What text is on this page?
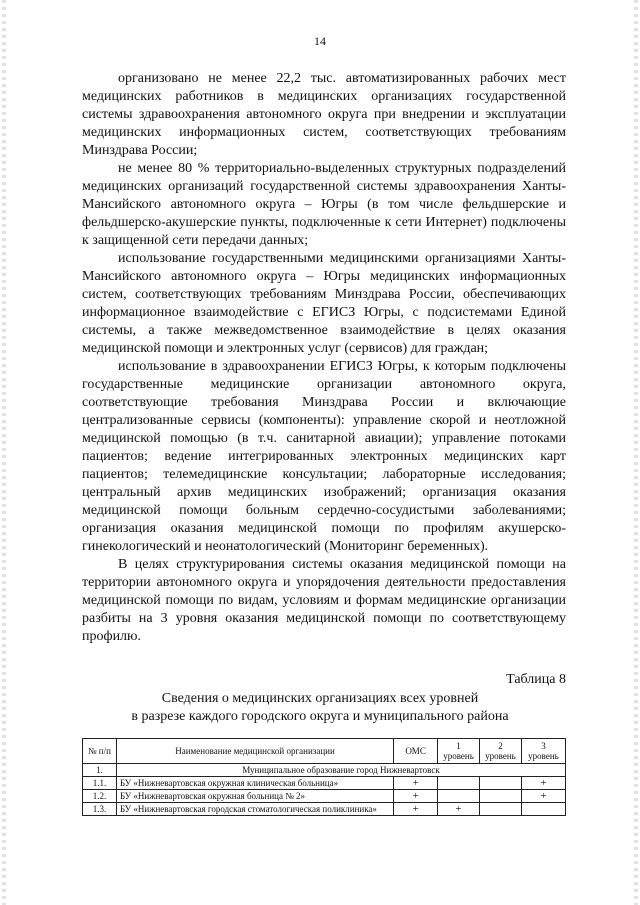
14

организовано не менее 22,2 тыс. автоматизированных рабочих мест медицинских работников в медицинских организациях государственной системы здравоохранения автономного округа при внедрении и эксплуатации медицинских информационных систем, соответствующих требованиям Минздрава России;

не менее 80 % территориально-выделенных структурных подразделений медицинских организаций государственной системы здравоохранения Ханты-Мансийского автономного округа – Югры (в том числе фельдшерские и фельдшерско-акушерские пункты, подключенные к сети Интернет) подключены к защищенной сети передачи данных;

использование государственными медицинскими организациями Ханты-Мансийского автономного округа – Югры медицинских информационных систем, соответствующих требованиям Минздрава России, обеспечивающих информационное взаимодействие с ЕГИСЗ Югры, с подсистемами Единой системы, а также межведомственное взаимодействие в целях оказания медицинской помощи и электронных услуг (сервисов) для граждан;

использование в здравоохранении ЕГИСЗ Югры, к которым подключены государственные медицинские организации автономного округа, соответствующие требования Минздрава России и включающие централизованные сервисы (компоненты): управление скорой и неотложной медицинской помощью (в т.ч. санитарной авиации); управление потоками пациентов; ведение интегрированных электронных медицинских карт пациентов; телемедицинские консультации; лабораторные исследования; центральный архив медицинских изображений; организация оказания медицинской помощи больным сердечно-сосудистыми заболеваниями; организация оказания медицинской помощи по профилям акушерско-гинекологический и неонатологический (Мониторинг беременных).

В целях структурирования системы оказания медицинской помощи на территории автономного округа и упорядочения деятельности предоставления медицинской помощи по видам, условиям и формам медицинские организации разбиты на 3 уровня оказания медицинской помощи по соответствующему профилю.

Таблица 8
Сведения о медицинских организациях всех уровней
в разрезе каждого городского округа и муниципального района
№ п/п	Наименование медицинской организации	ОМС	1 уровень	2 уровень	3 уровень
1.	Муниципальное образование город Нижневартовск				
1.1.	БУ «Нижневартовская окружная клиническая больница»	+			+
1.2.	БУ «Нижневартовская окружная больница № 2»	+			+
1.3.	БУ «Нижневартовская городская стоматологическая поликлиника»	+	+		
